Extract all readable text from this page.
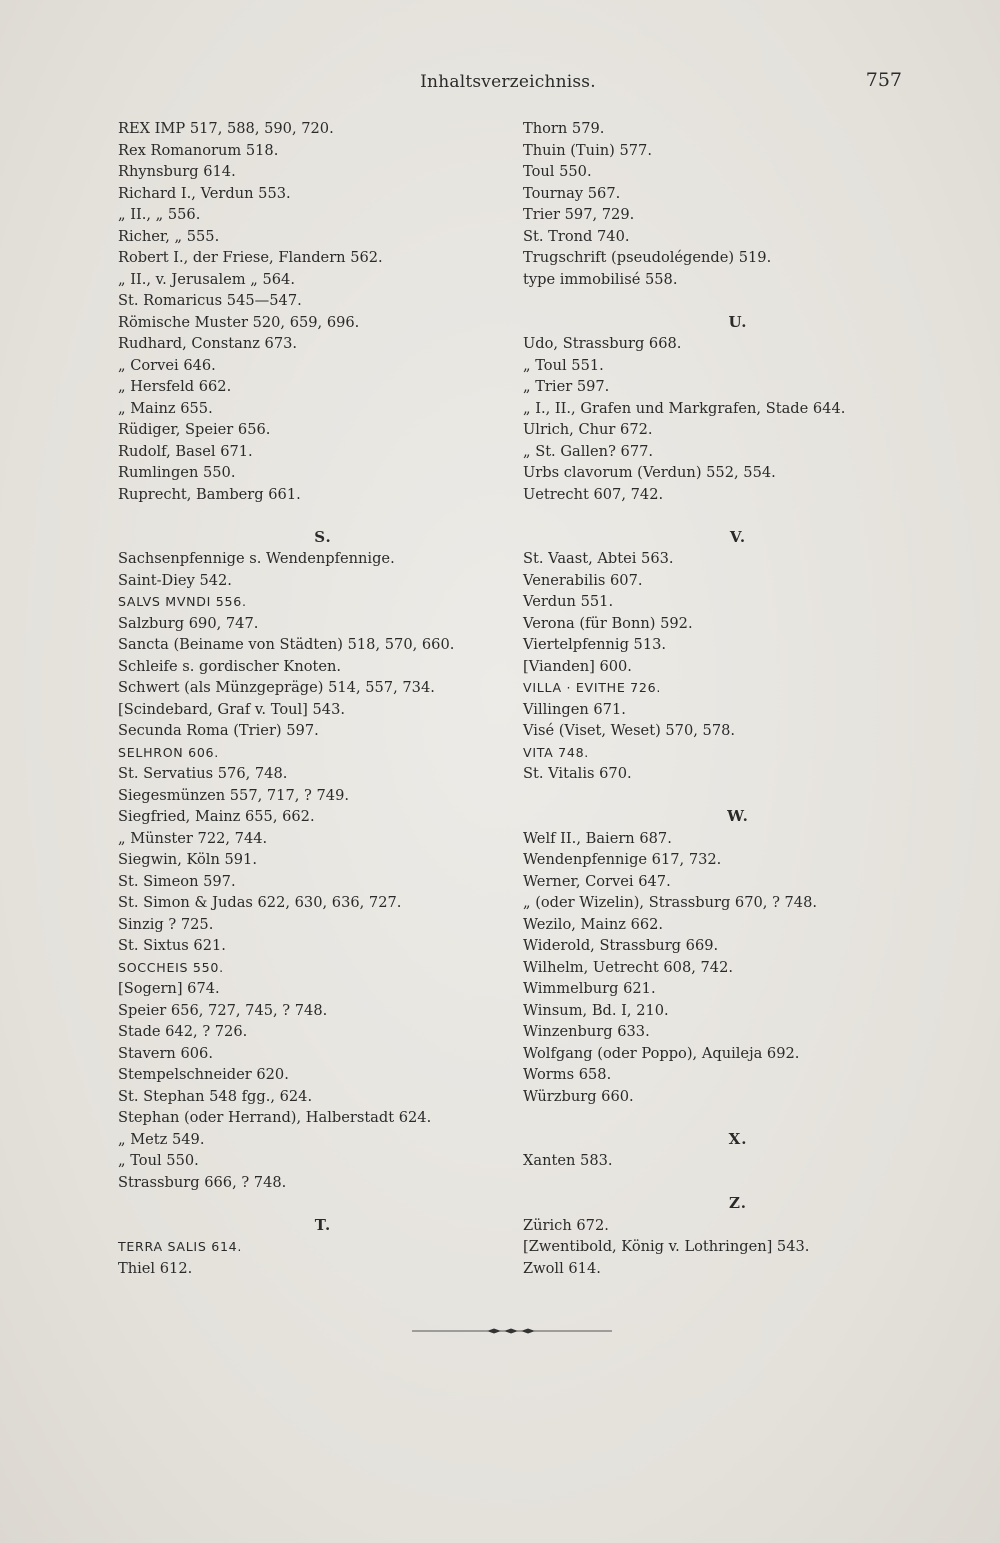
Inhaltsverzeichniss.	757
REX IMP 517, 588, 590, 720.
Rex Romanorum 518.
Rhynsburg 614.
Richard I., Verdun 553.
„ II., „ 556.
Richer, „ 555.
Robert I., der Friese, Flandern 562.
„ II., v. Jerusalem „ 564.
St. Romaricus 545—547.
Römische Muster 520, 659, 696.
Rudhard, Constanz 673.
„ Corvei 646.
„ Hersfeld 662.
„ Mainz 655.
Rüdiger, Speier 656.
Rudolf, Basel 671.
Rumlingen 550.
Ruprecht, Bamberg 661.
S.
Sachsenpfennige s. Wendenpfennige.
Saint-Diey 542.
SALVS MVNDI 556.
Salzburg 690, 747.
Sancta (Beiname von Städten) 518, 570, 660.
Schleife s. gordischer Knoten.
Schwert (als Münzgepräge) 514, 557, 734.
[Scindebard, Graf v. Toul] 543.
Secunda Roma (Trier) 597.
SELHRON 606.
St. Servatius 576, 748.
Siegesmünzen 557, 717, ? 749.
Siegfried, Mainz 655, 662.
„ Münster 722, 744.
Siegwin, Köln 591.
St. Simeon 597.
St. Simon & Judas 622, 630, 636, 727.
Sinzig ? 725.
St. Sixtus 621.
SOCCHEIS 550.
[Sogern] 674.
Speier 656, 727, 745, ? 748.
Stade 642, ? 726.
Stavern 606.
Stempelschneider 620.
St. Stephan 548 fgg., 624.
Stephan (oder Herrand), Halberstadt 624.
„ Metz 549.
„ Toul 550.
Strassburg 666, ? 748.
T.
TERRA SALIS 614.
Thiel 612.
Thorn 579.
Thuin (Tuin) 577.
Toul 550.
Tournay 567.
Trier 597, 729.
St. Trond 740.
Trugschrift (pseudolégende) 519.
type immobilisé 558.
U.
Udo, Strassburg 668.
„ Toul 551.
„ Trier 597.
„ I., II., Grafen und Markgrafen, Stade 644.
Ulrich, Chur 672.
„ St. Gallen? 677.
Urbs clavorum (Verdun) 552, 554.
Uetrecht 607, 742.
V.
St. Vaast, Abtei 563.
Venerabilis 607.
Verdun 551.
Verona (für Bonn) 592.
Viertelpfennig 513.
[Vianden] 600.
VILLA · EVITHE 726.
Villingen 671.
Visé (Viset, Weset) 570, 578.
VITA 748.
St. Vitalis 670.
W.
Welf II., Baiern 687.
Wendenpfennige 617, 732.
Werner, Corvei 647.
„ (oder Wizelin), Strassburg 670, ? 748.
Wezilo, Mainz 662.
Widerold, Strassburg 669.
Wilhelm, Uetrecht 608, 742.
Wimmelburg 621.
Winsum, Bd. I, 210.
Winzenburg 633.
Wolfgang (oder Poppo), Aquileja 692.
Worms 658.
Würzburg 660.
X.
Xanten 583.
Z.
Zürich 672.
[Zwentibold, König v. Lothringen] 543.
Zwoll 614.
